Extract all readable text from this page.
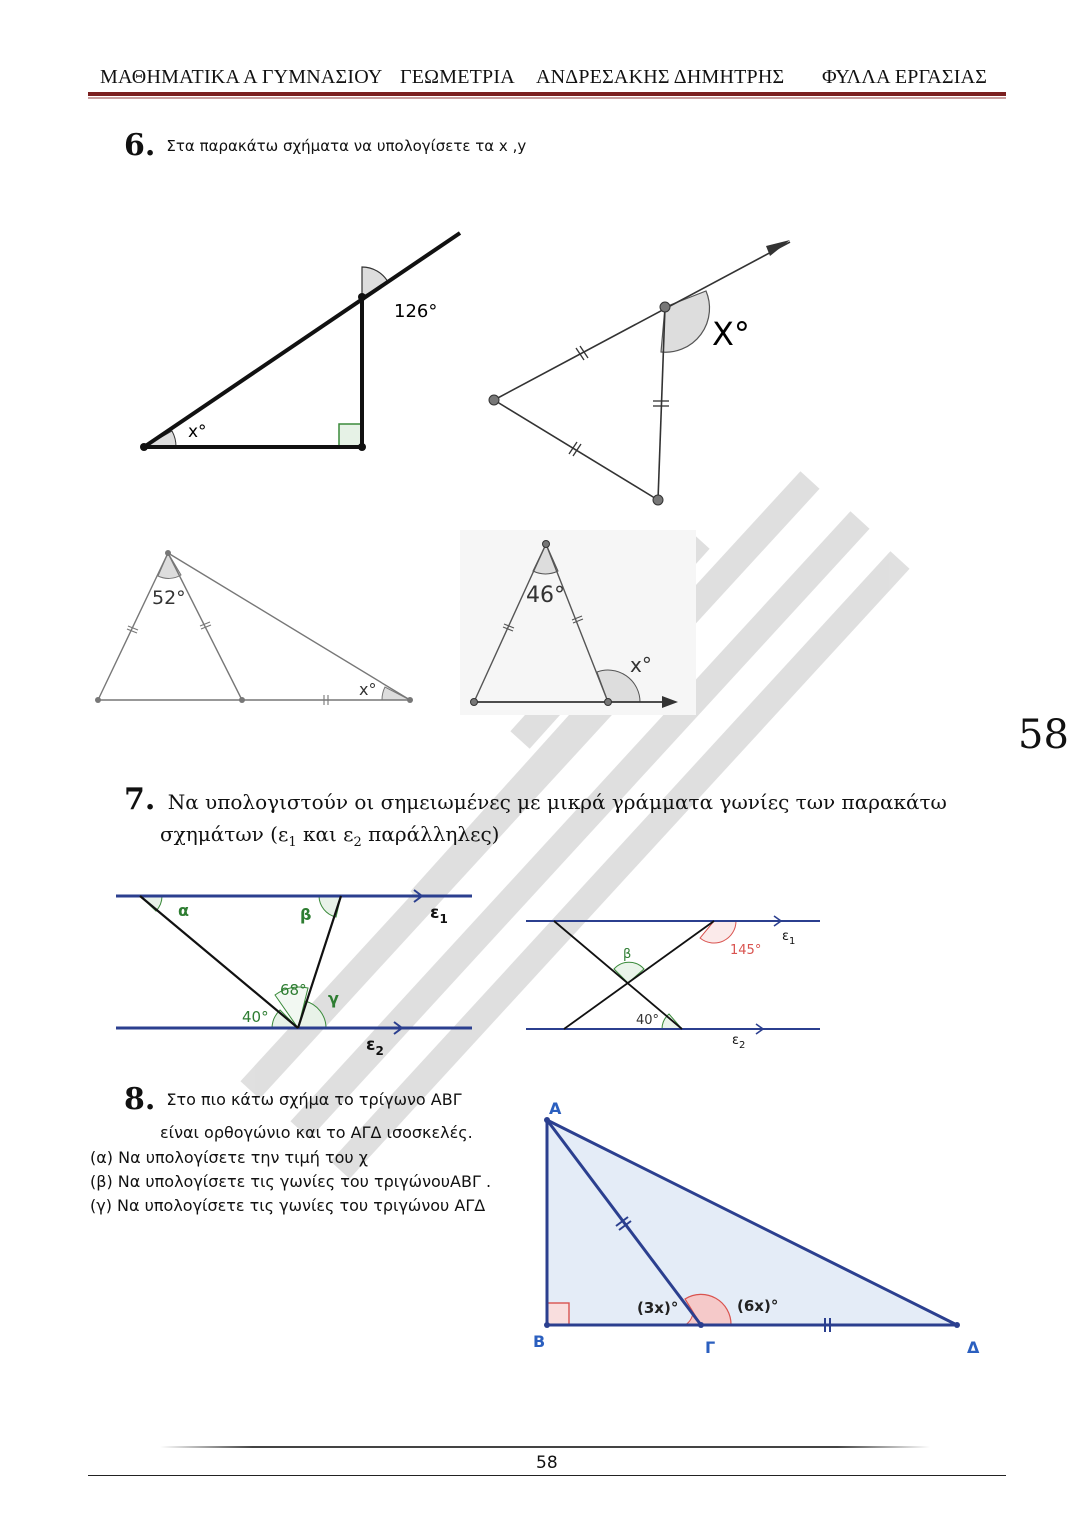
ΜΑΘΗΜΑΤΙΚΑ Α ΓΥΜΝΑΣΙΟΥ ΓΕΩΜΕΤΡΙΑ ΑΝΔΡΕΣΑΚΗΣ ΔΗΜΗΤΡΗΣ ΦΥΛΛΑ ΕΡΓΑΣΙΑΣ
58
6. Στα παρακάτω σχήματα να υπολογίσετε τα x ,y
126°
x°
X°
52°
x°
46°
x°
7. Να υπολογιστούν οι σημειωμένες με μικρά γράμματα γωνίες των παρακάτω
σχημάτων ($\varepsilon_1$ και $\varepsilon_2$ παράλληλες)
α	β
γ
68°
40°
$\varepsilon_1$
$\varepsilon_2$
β	145°
40°
$\varepsilon_1$
$\varepsilon_2$
8. Στο πιο κάτω σχήμα το τρίγωνο ΑΒΓ
είναι ορθογώνιο και το ΑΓΔ ισοσκελές.
(α) Να υπολογίσετε την τιμή του χ
(β) Να υπολογίσετε τις γωνίες του τριγώνουΑΒΓ .
(γ) Να υπολογίσετε τις γωνίες του τριγώνου ΑΓΔ
A
B	Γ	Δ
(3x)°	(6x)°
58
